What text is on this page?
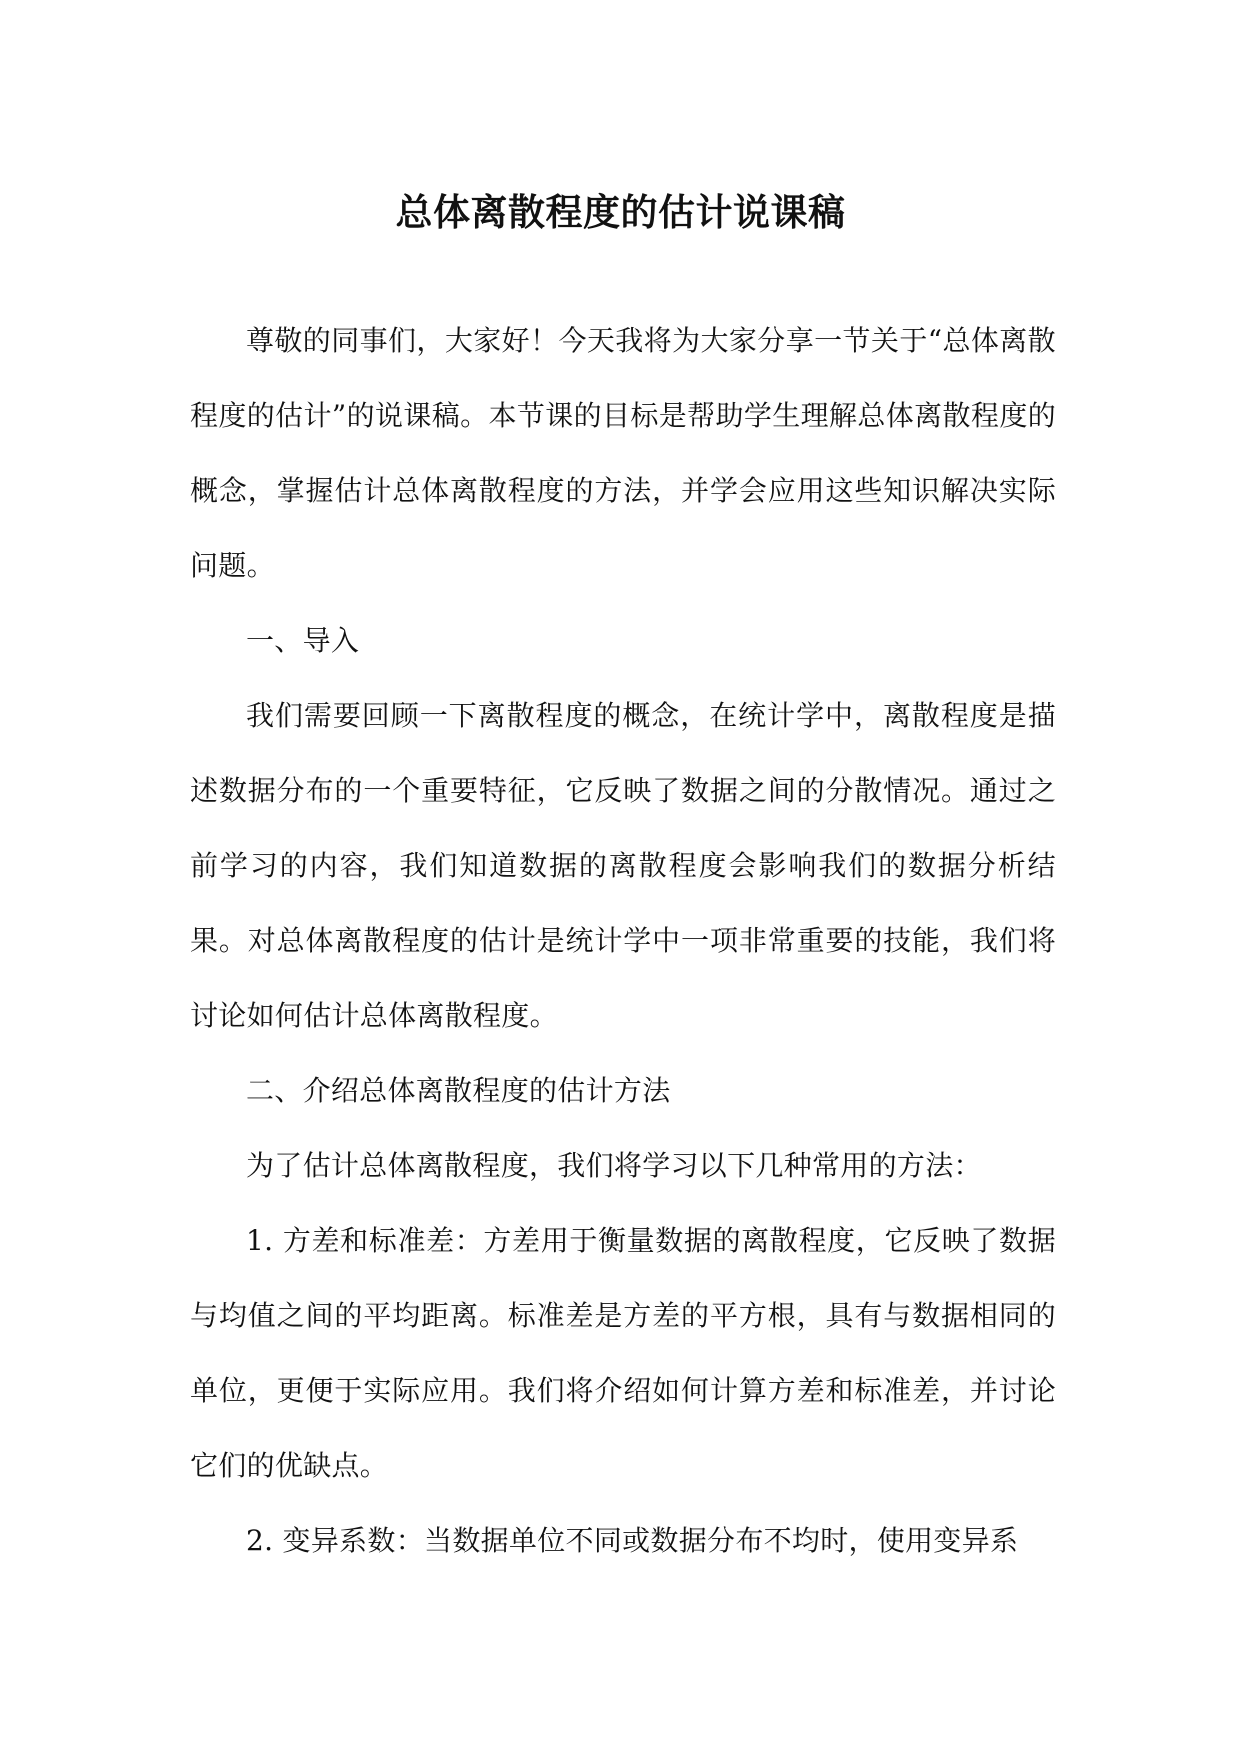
总体离散程度的估计说课稿

尊敬的同事们，大家好！今天我将为大家分享一节关于“总体离散程度的估计”的说课稿。本节课的目标是帮助学生理解总体离散程度的概念，掌握估计总体离散程度的方法，并学会应用这些知识解决实际问题。

一、导入

我们需要回顾一下离散程度的概念，在统计学中，离散程度是描述数据分布的一个重要特征，它反映了数据之间的分散情况。通过之前学习的内容，我们知道数据的离散程度会影响我们的数据分析结果。对总体离散程度的估计是统计学中一项非常重要的技能，我们将讨论如何估计总体离散程度。

二、介绍总体离散程度的估计方法

为了估计总体离散程度，我们将学习以下几种常用的方法：

1. 方差和标准差：方差用于衡量数据的离散程度，它反映了数据与均值之间的平均距离。标准差是方差的平方根，具有与数据相同的单位，更便于实际应用。我们将介绍如何计算方差和标准差，并讨论它们的优缺点。

2. 变异系数：当数据单位不同或数据分布不均时，使用变异系
